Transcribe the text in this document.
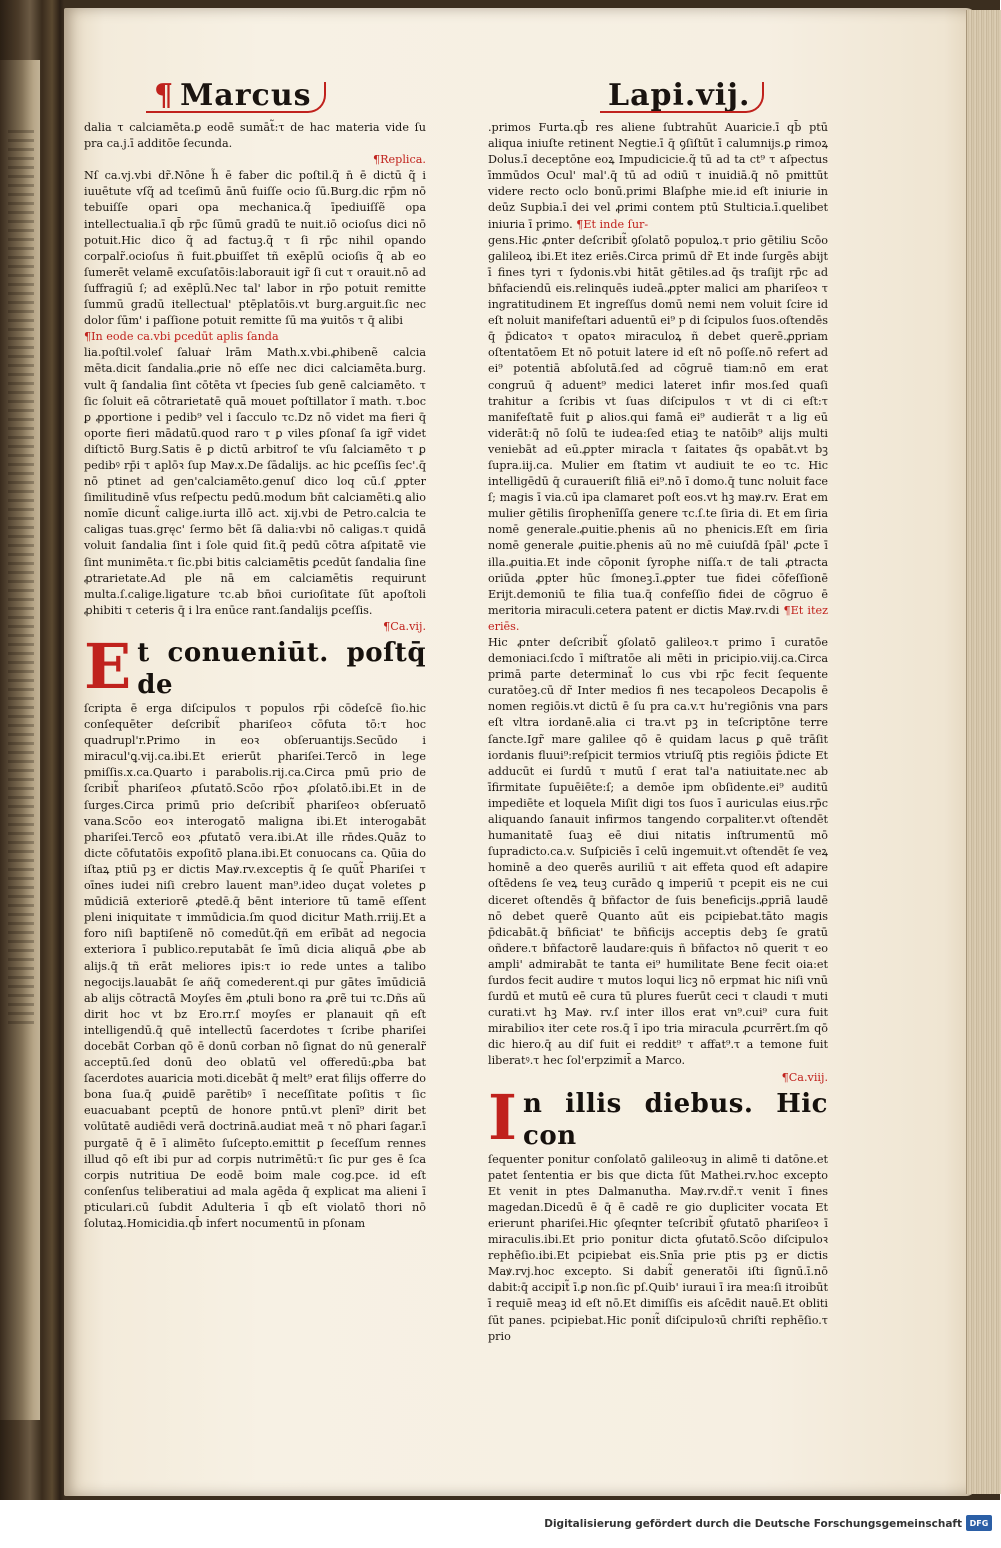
¶ Marcus	Lapi.vij.

dalia τ calciamēta.ꝑ eodē sumāt̃:τ de hac materia vide ſu pra ca.j.ī additōe ſecunda.

¶Replica.

Nſ ca.vj.vbi dr̃.Nōne h̃ ē faber dic poſtil.q̃ n̄ ē dictū q̃ i iuuētute vſq̃ ad tceſimū ānū fuiſſe ocio ſū.Burg.dic rp̄m nō tebuiſſe opari opa mechanica.q̃ īpediuiſſẽ opa intellectualia.ī qb̄ rp̄c ſūmū gradū te nuit.iō ocioſus dici nō potuit.Hic dico q̃ ad factuꝫ.q̃ τ ſi rp̄c nihil opando corpalr̃.ocioſus ñ fuit.ꝑbuiſſet tñ exēplū ocioſis q̃ ab eo ſumerēt velamē excuſatōis:laborauit igr̃ ſi cut τ orauit.nō ad ſuffragiū ſ; ad exēplū.Nec tal' labor in rp̄o potuit remitte ſummū gradū itellectual' ptēplatōis.vt burg.arguit.ſic nec dolor ſūm' i paſſione potuit remitte ſū ma ꝟuitōs τ q̄ alibi

¶In eode ca.vbi ꝑcedūt aplis ſanda

lia.poſtil.voleſ ſaluaṙ lrām Math.x.vbi.ꝓhibenẽ calcia mēta.dicit ſandalia.ꝓrie nō eſſe nec dici calciamēta.burg. vult q̃ ſandalia ſint cōtēta vt ſpecies ſub genē calciamēto. τ ſic ſoluit eā cōtrarietatē quā mouet poſtillator ĩ math. τ.boc ꝑ ꝓportione i pedib⁹ vel i ſacculo τc.Dz nō videt ma fieri q̄ oporte fieri mādatū.quod raro τ ꝑ viles ꝑſonaſ ſa igr̃ videt diſtictō Burg.Satis ē ꝑ dictū arbitroſ te vſu ſalciamēto τ ꝑ pedibꝰ rp̄i τ aplōꝛ ſup Maꝟ.x.De ſādalijs. ac hic ꝑceſſis ſec'.q̄ nō ptinet ad gen'calciamēto.genuſ dico loq cū.ſ ꝓpter ſimilitudinē vſus reſpectu pedū.modum bn̄t calciamēti.ꝗ alio nomīe dicunt̃ calige.iurta illō act. xij.vbi de Petro.calcia te caligas tuas.gręc' ſermo bēt ſā dalia:vbi nō caligas.τ quidā voluit ſandalia ſint i ſole quid ſit.q̃ pedū cōtra aſpitatē vie ſint munimēta.τ ſic.pbi bitis calciamētis ꝑcedūt ſandalia ſine ꝓtrarietate.Ad ple nā em calciamētis requirunt multa.ſ.calige.ligature τc.ab bn̄oi curioſitate ſūt apoſtoli ꝓhibiti τ ceteris q̄ i lra enūce rant.ſandalijs ꝑceſſis.

¶Ca.vij.

E t conueniūt. poſtq̄ de
ſcripta ē erga diſcipulos τ populos rp̄i cōdeſcē ſio.hic conſequēter deſcribit̃ phariſeoꝛ cōfuta tō:τ hoc quadrupl'r.Primo in eoꝛ obſeruantijs.Secūdo i miracul'ꝗ.vij.ca.ibi.Et erierūt phariſei.Tercō in lege pmiſſis.x.ca.Quarto i parabolis.rij.ca.Circa pmū prio de ſcribit̃ phariſeoꝛ ꝓſutatō.Scōo rp̄oꝛ ꝓſolatō.ibi.Et in de ſurges.Circa primū prio deſcribit̃ phariſeoꝛ obſeruatō vana.Scōo eoꝛ interogatō maligna ibi.Et interogabāt phariſei.Tercō eoꝛ ꝓfutatō vera.ibi.At ille rn̄des.Quāz to dicte cōfutatōis expoſitō plana.ibi.Et conuocans ca. Qūia do iſtaꝝ ptiū pꝫ er dictis Maꝟ.rv.exceptis q̄ ſe quūt̃ Phariſei τ oīnes iudei niſi crebro lauent man⁹.ideo duçat voletes ꝑ mūdiciā exteriorē ꝓtedē.q̄ bēnt interiore tū tamē eſſent pleni iniquitate τ immūdicia.ſm quod dicitur Math.rriij.Et a foro niſi baptiſenẽ nō comedūt.q̃ñ em erībāt ad negocia exteriora ī publico.reputabāt ſe īmū dicia aliquā ꝓbe ab alijs.q̄ tñ erāt meliores ipis:τ io rede untes a talibo negocijs.lauabāt ſe añq̄ comederent.qi pur gātes īmūdiciā ab alijs cōtractā Moyſes ēm ꝓtuli bono ra ꝓrẽ tui τc.Dñs aũ dirit hoc vt bz Ero.rr.ſ moyſes er planauit qn̄ eſt intelligendū.q̄ quē intellectū ſacerdotes τ ſcribe phariſei docebāt Corban qō ē donū corban nō ſignat do nū generalr̃ acceptū.ſed donū deo oblatū vel offeredū:ꝓba bat ſacerdotes auaricia moti.dicebāt q̄ melt⁹ erat filijs offerre do bona ſua.q̄ ꝓuidē parētibꝰ ī neceſſitate poſitis τ ſic euacuabant pceptū de honore pntū.vt plenī⁹ dirit bet volūtatē audiēdi verā doctrinā.audiat meā τ nō phari ſagar.ī purgatē q̄ ē ī alimēto ſuſcepto.emittit ꝑ ſeceſſum rennes illud qō eſt ibi pur ad corpis nutrimētū:τ ſic pur ges ē ſca corpis nutritiua De eodē boim male cog.pce. id eſt conſenſus teliberatiui ad mala agēda q̄ explicat ma alieni ī pticulari.cū ſubdit Adulteria ī qb̄ eſt violatō thori nō ſolutaꝝ.Homicidia.qb̄ infert nocumentū in pſonam

.primos Furta.qb̄ res aliene ſubtrahūt Auaricie.ī qb̄ ptū aliqua iniuſte retinent Negtie.ī q̄ ꝯſiſtūt ī calumnijs.ꝑ rimoꝝ Dolus.ī deceptōne eoꝝ Impudicicie.q̃ tū ad ta ct⁹ τ aſpectus īmmūdos Ocul' mal'.q̄ tū ad odiū τ inuidiā.q̄ nō pmittūt videre recto oclo bonū.primi Blaſphe mie.id eſt iniurie in deūz Supbia.ī dei vel ꝓrimi contem ptū Stulticia.ī.quelibet iniuria ī primo. ¶Et inde ſur-

gens.Hic ꝓnter deſcribit̃ ꝯſolatō populoꝝ.τ prio gētiliu Scōo galileoꝝ ibi.Et itez eriēs.Circa primū dr̃ Et inde ſurgēs abijt ī fines tyri τ ſydonis.vbi ħitāt gētiles.ad q̄s traſijt rp̄c ad bn̄faciendū eis.relinquēs iudeā.ꝓpter malici am phariſeoꝛ τ ingratitudinem Et ingreſſus domū nemi nem voluit ſcire id eſt noluit manifeſtari aduentū ei⁹ p di ſcipulos ſuos.oſtendēs q̄ p̄dicatoꝛ τ opatoꝛ miraculoꝝ ñ debet querē.ꝓpriam oſtentatōem Et nō potuit latere id eſt nō poſſe.nō refert ad ei⁹ potentiā abſolutā.ſed ad cōgruē tiam:nō em erat congruū q̄ aduent⁹ medici lateret infir mos.ſed quaſi trahitur a ſcribis vt ſuas diſcipulos τ vt di ci eſt:τ manifeſtatē fuit ꝑ alios.qui famā ei⁹ audierāt τ a lig eū viderāt:q̄ nō ſolū te iudea:ſed etiaꝫ te natōib⁹ alijs multi veniebāt ad eū.ꝓpter miracla τ ſaitates q̄s opabāt.vt bꝫ ſupra.iij.ca. Mulier em ſtatim vt audiuit te eo τc. Hic intelligēdū q̄ curaueriſt filiā ei⁹.nō ī domo.q̄ tunc noluit face ſ; magis ī via.cū ipa clamaret poſt eos.vt hꝫ maꝟ.rv. Erat em mulier gētilis ſirophenīſſa genere τc.ſ.te ſiria di. Et em ſiria nomē generale.ꝓuitie.phenis aũ no phenicis.Eſt em ſiria nomē generale ꝓuitie.phenis aũ no mē cuiuſdā ſpāl' ꝓcte ī illa.ꝓuitia.Et inde cōponit ſyrophe niſſa.τ de tali ꝓtracta oriūda ꝓpter hūc ſmoneꝫ.ī.ꝓpter tue fidei cōfeſſionē Erijt.demoniū te filia tua.q̄ confeſſio fidei de cōgruo ē meritoria miraculi.cetera patent er dictis Maꝟ.rv.di ¶Et itez eriēs.

Hic ꝓnter deſcribit̃ ꝯſolatō galileoꝛ.τ primo ī curatōe demoniaci.ſcdo ī miſtratōe ali mēti in pricipio.viij.ca.Circa primā parte determinat̃ lo cus vbi rp̄c fecit ſequente curatōeꝫ.cū dr̃ Inter medios fi nes tecapoleos Decapolis ē nomen regiōis.vt dictū ē ſu pra ca.v.τ hu'regiōnis vna pars eſt vltra iordanē.alia ci tra.vt pꝫ in teſcriptōne terre ſancte.Igr̃ mare galilee qō ē quidam lacus ꝑ quē trāſit iordanis fluui⁹:reſpicit termios vtriuſq̃ ptis regiōis p̄dicte Et adducūt ei ſurdū τ mutū ſ erat tal'a natiuitate.nec ab īfirmitate ſupuēiēte:ſ; a demōe ipm obſidente.ei⁹ auditū impediēte et loquela Miſit digi tos ſuos ī auriculas eius.rp̄c aliquando ſanauit infirmos tangendo corpaliter.vt oſtendēt humanitatē ſuaꝫ eē diui nitatis inſtrumentū mō ſupradicto.ca.v. Suſpiciēs ī celū ingemuit.vt oſtendēt ſe veꝝ hominē a deo querēs auriliū τ ait effeta quod eſt adapire oſtēdens ſe veꝝ teuꝫ curādo ꝗ imperiū τ pcepit eis ne cui diceret oſtendēs q̄ bñfactor de ſuis beneficijs.ꝓpriā laudē nō debet querē Quanto aūt eis pcipiebat.tāto magis p̄dicabāt.q̄ bñficiat' te bñficijs acceptis debꝫ ſe gratū oñdere.τ bñfactorē laudare:quis ñ bñfactoꝛ nō querit τ eo ampli' admirabāt te tanta ei⁹ humilitate Bene fecit oia:et ſurdos fecit audire τ mutos loqui licꝫ nō erpmat hic niſi vnū ſurdū et mutū eē cura tū plures fuerūt ceci τ claudi τ muti curati.vt hꝫ Maꝟ. rv.ſ inter illos erat vn⁹.cui⁹ cura fuit mirabilioꝛ iter cete ros.q̄ ī ipo tria miracula ꝓcurrērt.ſm qō dic hiero.q̄ au diſ fuit ei reddit⁹ τ affat⁹.τ a temone fuit liberatꝰ.τ hec ſol'erpzimit̄ a Marco.

¶Ca.viij.

I n illis diebus. Hic con
ſequenter ponitur conſolatō galileoꝛuꝫ in alimē ti datōne.et patet ſententia er bis que dicta ſūt Mathei.rv.hoc excepto Et venit in ptes Dalmanutha. Maꝟ.rv.dr̃.τ venit ī fines magedan.Dicedū ē q̄ ē cadē re gio dupliciter vocata Et erierunt phariſei.Hic ꝯſeqnter teſcribit̃ ꝯfutatō phariſeoꝛ ī miraculis.ibi.Et prio ponitur dicta ꝯfutatō.Scōo diſcipuloꝛ rephēſio.ibi.Et pcipiebat eis.Snīa prie ptis pꝫ er dictis Maꝟ.rvj.hoc excepto. Si dabit̃ generatōi iſti ſignū.ī.nō dabit:q̄ accipit̃ ī.ꝑ non.ſic pſ.Quib' iuraui ī ira mea:ſi itroibūt ī requiē meaꝫ id eſt nō.Et dimiſſis eis aſcēdit nauē.Et obliti ſūt panes. pcipiebat.Hic ponit̃ diſcipuloꝛū chriſti rephēſio.τ prio

Digitalisierung gefördert durch die Deutsche Forschungsgemeinschaft DFG
